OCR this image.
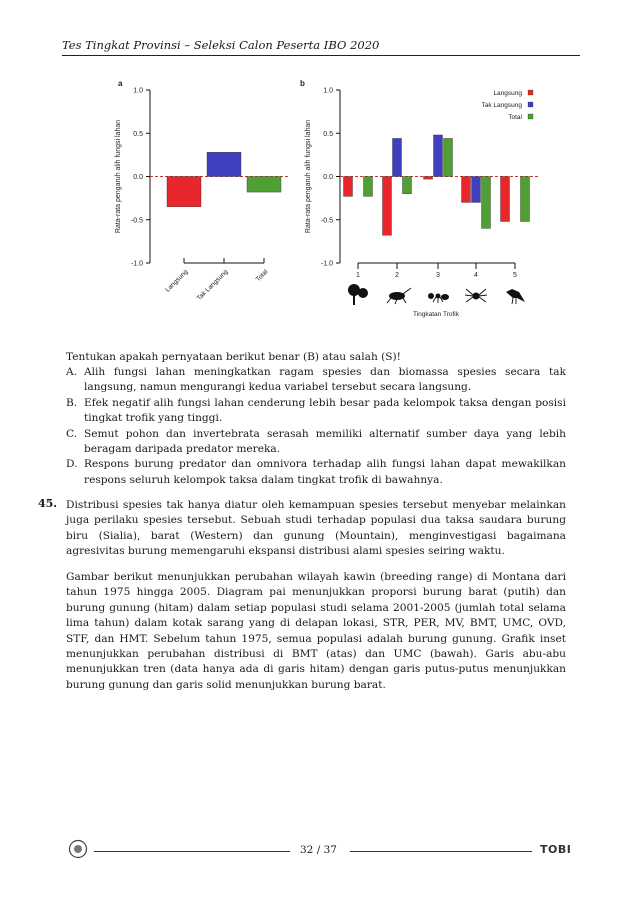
Tes Tingkat Provinsi – Seleksi Calon Peserta IBO 2020
a
1.0
0.5
0.0
-0.5
-1.0
Rata-rata pengaruh alih fungsi lahan
Langsung Tak Langsung	Total
b
1.0
0.5
0.0
-0.5
-1.0
Rata-rata pengaruh alih fungsi lahan
1	2	3	4	5
Langsung
Tak Langsung
Total
Tingkatan Trofik
Tentukan apakah pernyataan berikut benar (B) atau salah (S)!
A. Alih fungsi lahan meningkatkan ragam spesies dan biomassa spesies secara tak langsung, namun mengurangi kedua variabel tersebut secara langsung.
B. Efek negatif alih fungsi lahan cenderung lebih besar pada kelompok taksa dengan posisi tingkat trofik yang tinggi.
C. Semut pohon dan invertebrata serasah memiliki alternatif sumber daya yang lebih beragam daripada predator mereka.
D. Respons burung predator dan omnivora terhadap alih fungsi lahan dapat mewakilkan respons seluruh kelompok taksa dalam tingkat trofik di bawahnya.
45. Distribusi spesies tak hanya diatur oleh kemampuan spesies tersebut menyebar melainkan juga perilaku spesies tersebut. Sebuah studi terhadap populasi dua taksa saudara burung biru (Sialia), barat (Western) dan gunung (Mountain), menginvestigasi bagaimana agresivitas burung memengaruhi ekspansi distribusi alami spesies seiring waktu.
Gambar berikut menunjukkan perubahan wilayah kawin (breeding range) di Montana dari tahun 1975 hingga 2005. Diagram pai menunjukkan proporsi burung barat (putih) dan burung gunung (hitam) dalam setiap populasi studi selama 2001-2005 (jumlah total selama lima tahun) dalam kotak sarang yang di delapan lokasi, STR, PER, MV, BMT, UMC, OVD, STF, dan HMT. Sebelum tahun 1975, semua populasi adalah burung gunung. Grafik inset menunjukkan perubahan distribusi di BMT (atas) dan UMC (bawah). Garis abu-abu menunjukkan tren (data hanya ada di garis hitam) dengan garis putus-putus menunjukkan burung gunung dan garis solid menunjukkan burung barat.
32 / 37	TOBI
